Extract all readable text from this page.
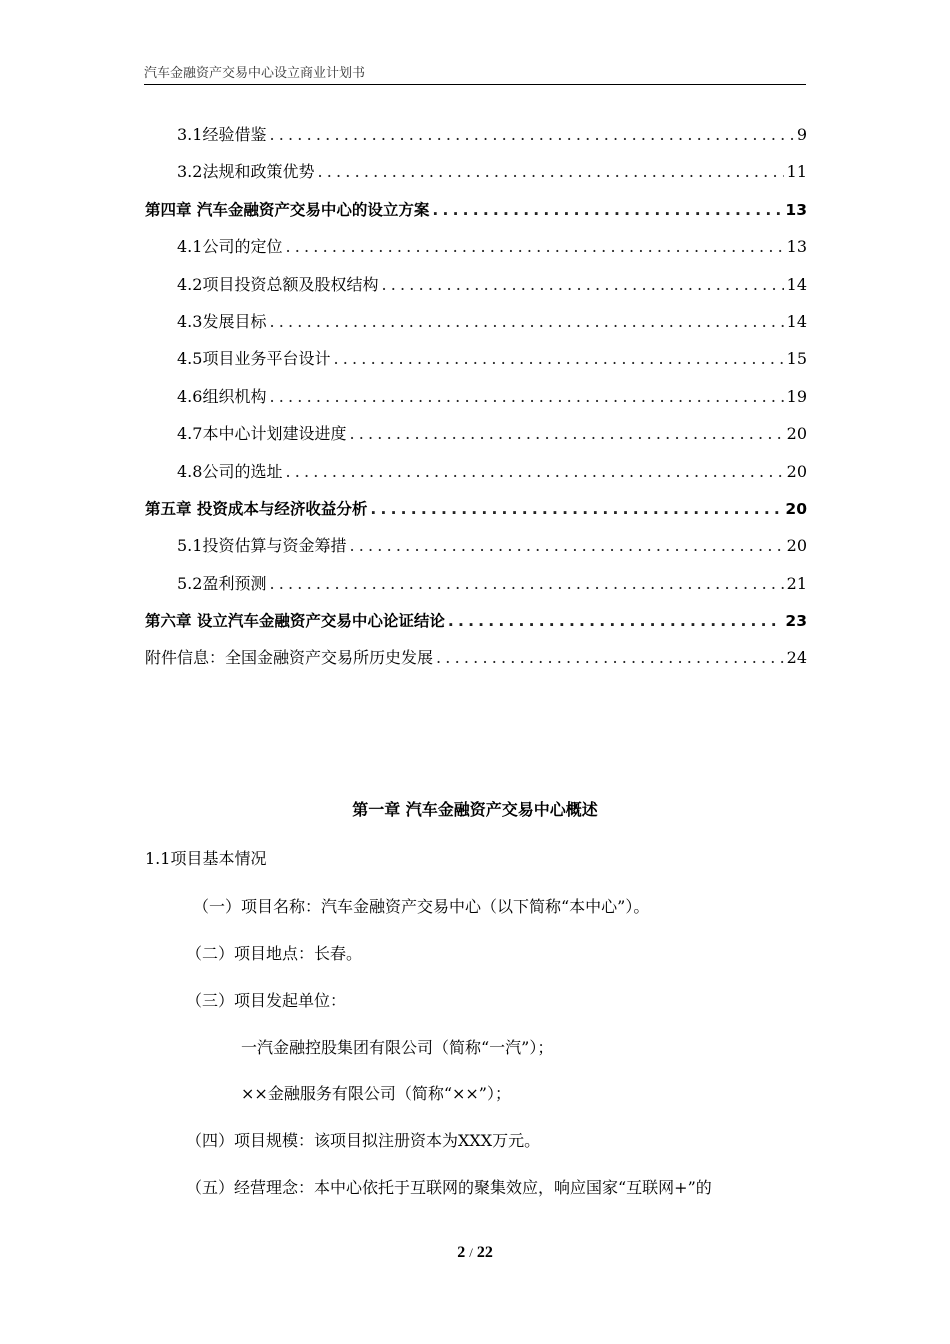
汽车金融资产交易中心设立商业计划书
3.1经验借鉴 .....	9
3.2法规和政策优势 .....	11
第四章 汽车金融资产交易中心的设立方案 .....	13
4.1公司的定位 .....	13
4.2项目投资总额及股权结构 .....	14
4.3发展目标 .....	14
4.5项目业务平台设计 .....	15
4.6组织机构 .....	19
4.7本中心计划建设进度 .....	20
4.8公司的选址 .....	20
第五章 投资成本与经济收益分析 .....	20
5.1投资估算与资金筹措 .....	20
5.2盈利预测 .....	21
第六章 设立汽车金融资产交易中心论证结论 .....	23
附件信息：全国金融资产交易所历史发展 .....	24
第一章 汽车金融资产交易中心概述
1.1项目基本情况
（一）项目名称：汽车金融资产交易中心（以下简称“本中心”）。
（二）项目地点：长春。
（三）项目发起单位：
一汽金融控股集团有限公司（简称“一汽”）；
××金融服务有限公司（简称“××”）；
（四）项目规模：该项目拟注册资本为XXX万元。
（五）经营理念：本中心依托于互联网的聚集效应，响应国家“互联网+”的
2 / 22
